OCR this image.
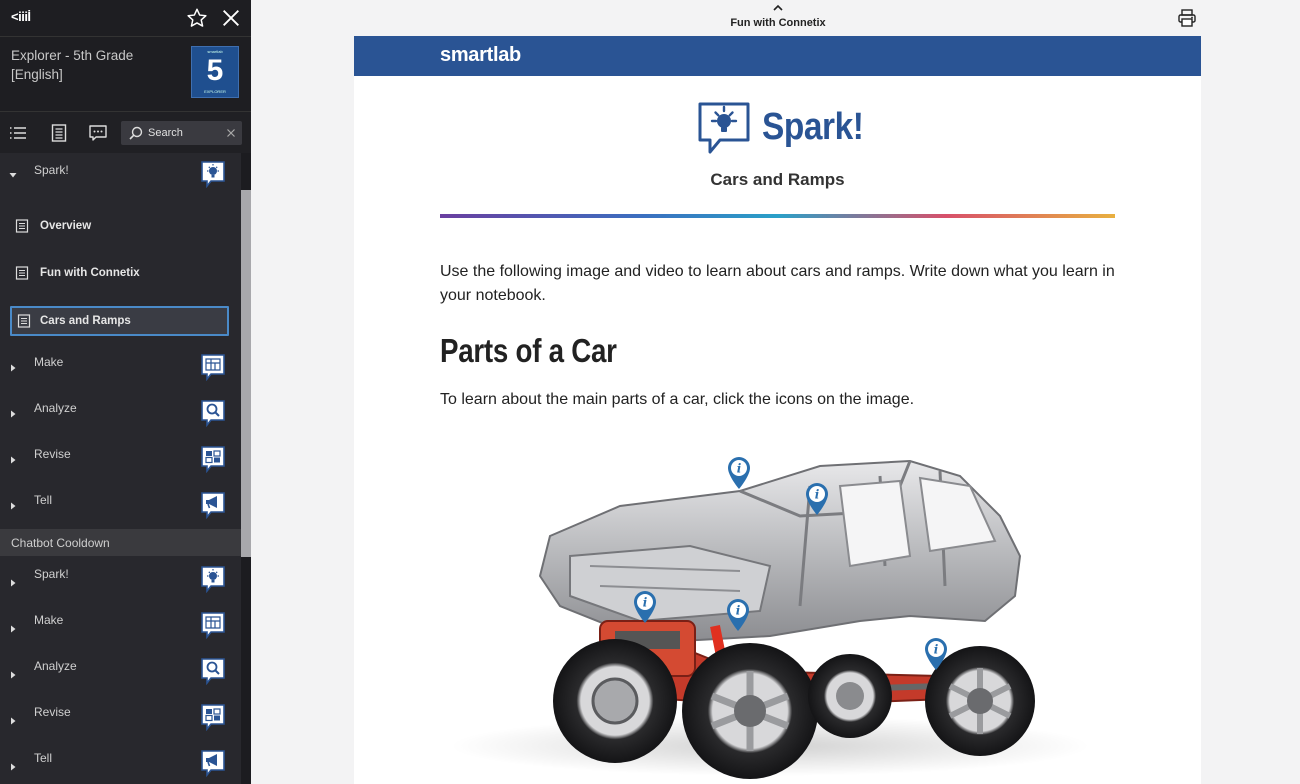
<iiiİ
Explorer - 5th Grade [English]
smartlab
5
EXPLORER
Search
Spark!
Overview
Fun with Connetix
Cars and Ramps
Make
Analyze
Revise
Tell
Chatbot Cooldown
Spark!
Make
Analyze
Revise
Tell
Fun with Connetix
smartlab
Spark!
Cars and Ramps

Use the following image and video to learn about cars and ramps. Write down what you learn in your notebook.

Parts of a Car

To learn about the main parts of a car, click the icons on the image.

i
i
i
i
i
